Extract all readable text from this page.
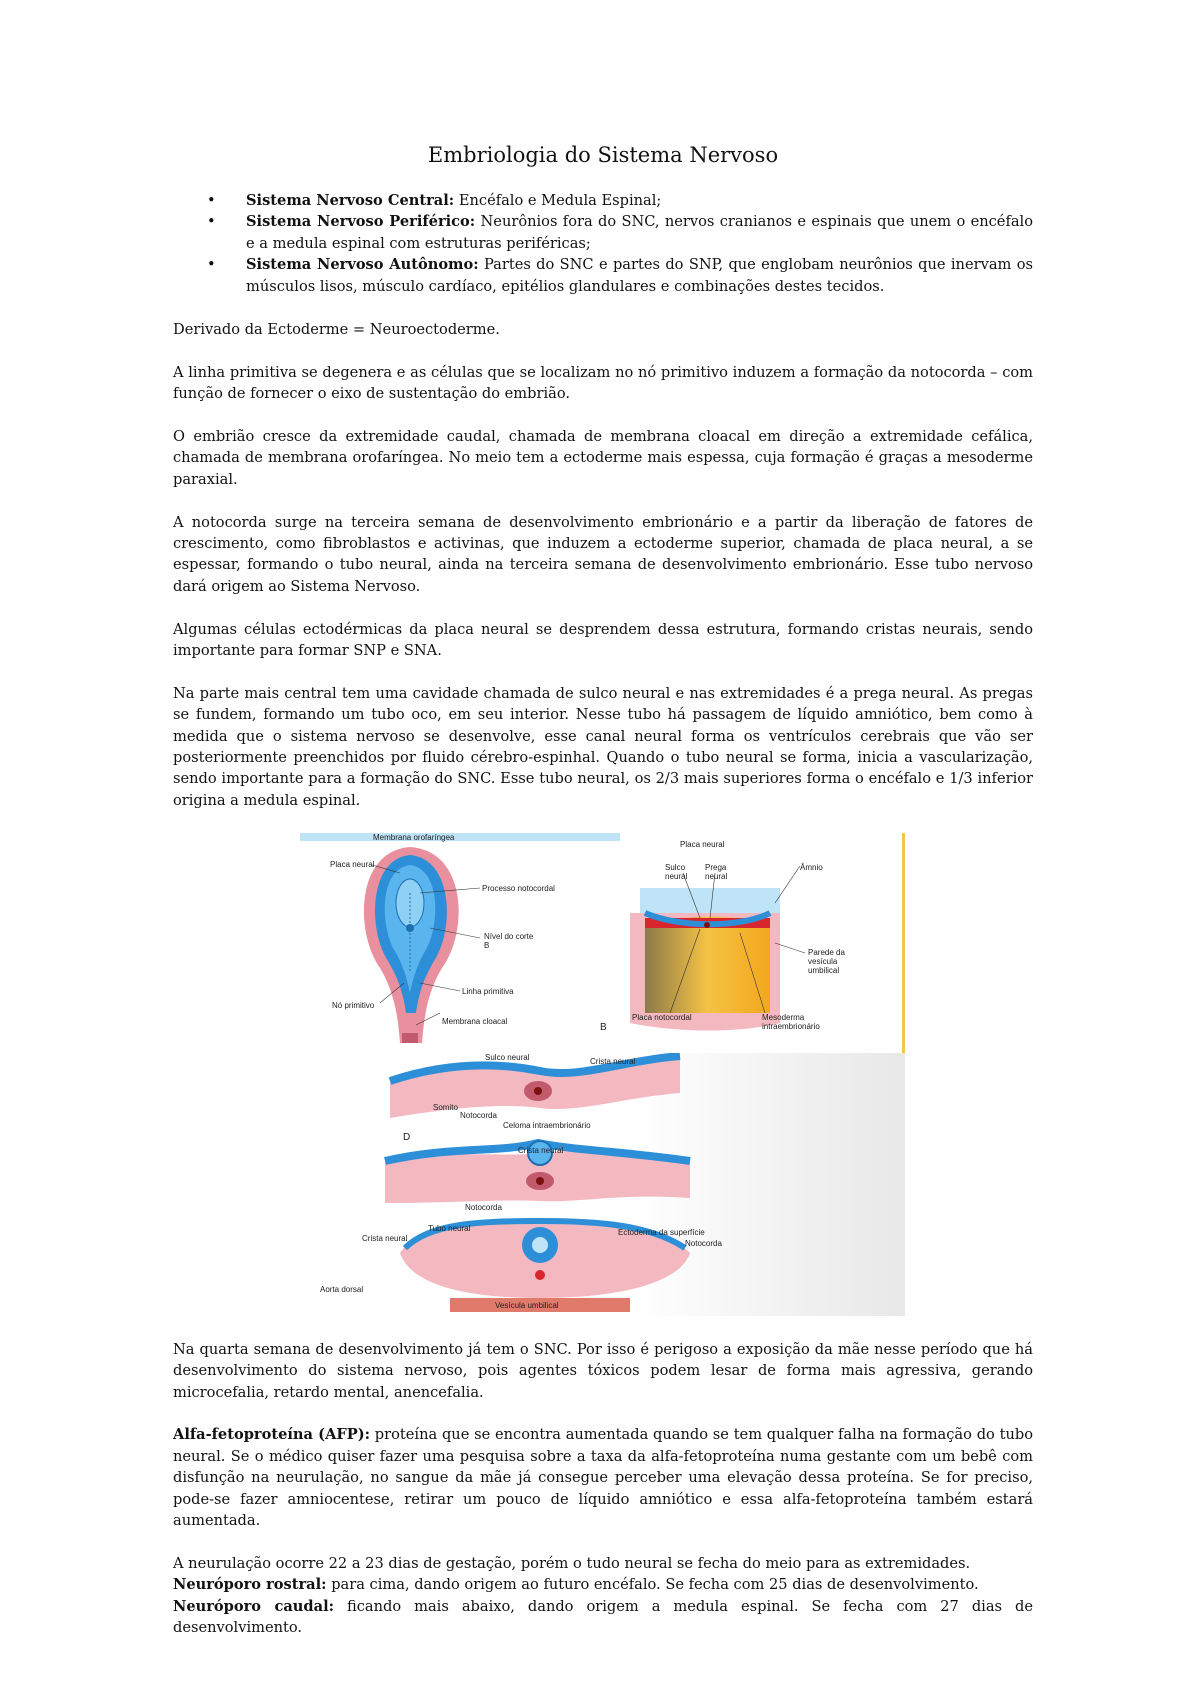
Embriologia do Sistema Nervoso
• Sistema Nervoso Central: Encéfalo e Medula Espinal;
• Sistema Nervoso Periférico: Neurônios fora do SNC, nervos cranianos e espinais que unem o encéfalo e a medula espinal com estruturas periféricas;
• Sistema Nervoso Autônomo: Partes do SNC e partes do SNP, que englobam neurônios que inervam os músculos lisos, músculo cardíaco, epitélios glandulares e combinações destes tecidos.

Derivado da Ectoderme = Neuroectoderme.

A linha primitiva se degenera e as células que se localizam no nó primitivo induzem a formação da notocorda – com função de fornecer o eixo de sustentação do embrião.

O embrião cresce da extremidade caudal, chamada de membrana cloacal em direção a extremidade cefálica, chamada de membrana orofaríngea. No meio tem a ectoderme mais espessa, cuja formação é graças a mesoderme paraxial.

A notocorda surge na terceira semana de desenvolvimento embrionário e a partir da liberação de fatores de crescimento, como fibroblastos e activinas, que induzem a ectoderme superior, chamada de placa neural, a se espessar, formando o tubo neural, ainda na terceira semana de desenvolvimento embrionário. Esse tubo nervoso dará origem ao Sistema Nervoso.

Algumas células ectodérmicas da placa neural se desprendem dessa estrutura, formando cristas neurais, sendo importante para formar SNP e SNA.

Na parte mais central tem uma cavidade chamada de sulco neural e nas extremidades é a prega neural. As pregas se fundem, formando um tubo oco, em seu interior. Nesse tubo há passagem de líquido amniótico, bem como à medida que o sistema nervoso se desenvolve, esse canal neural forma os ventrículos cerebrais que vão ser posteriormente preenchidos por fluido cérebro-espinhal. Quando o tubo neural se forma, inicia a vascularização, sendo importante para a formação do SNC. Esse tubo neural, os 2/3 mais superiores forma o encéfalo e 1/3 inferior origina a medula espinal.

Membrana orofaríngea
Placa neural
Processo notocordal
Nível do corte B
Nó primitivo
Linha primitiva
Membrana cloacal
B
Placa neural
Sulco neural
Prega neural
Âmnio
Parede da vesícula umbilical
Placa notocordal	Mesoderma intraembrionário
Sulco neural	Crista neural
Somito
Notocorda
Celoma intraembrionário
D
Crista neural
Notocorda
Tubo neural
Crista neural
Ectoderma da superfície
Notocorda
Aorta dorsal
Vesícula umbilical

Na quarta semana de desenvolvimento já tem o SNC. Por isso é perigoso a exposição da mãe nesse período que há desenvolvimento do sistema nervoso, pois agentes tóxicos podem lesar de forma mais agressiva, gerando microcefalia, retardo mental, anencefalia.

Alfa-fetoproteína (AFP): proteína que se encontra aumentada quando se tem qualquer falha na formação do tubo neural. Se o médico quiser fazer uma pesquisa sobre a taxa da alfa-fetoproteína numa gestante com um bebê com disfunção na neurulação, no sangue da mãe já consegue perceber uma elevação dessa proteína. Se for preciso, pode-se fazer amniocentese, retirar um pouco de líquido amniótico e essa alfa-fetoproteína também estará aumentada.

A neurulação ocorre 22 a 23 dias de gestação, porém o tudo neural se fecha do meio para as extremidades.

Neuróporo rostral: para cima, dando origem ao futuro encéfalo. Se fecha com 25 dias de desenvolvimento.

Neuróporo caudal: ficando mais abaixo, dando origem a medula espinal. Se fecha com 27 dias de desenvolvimento.
